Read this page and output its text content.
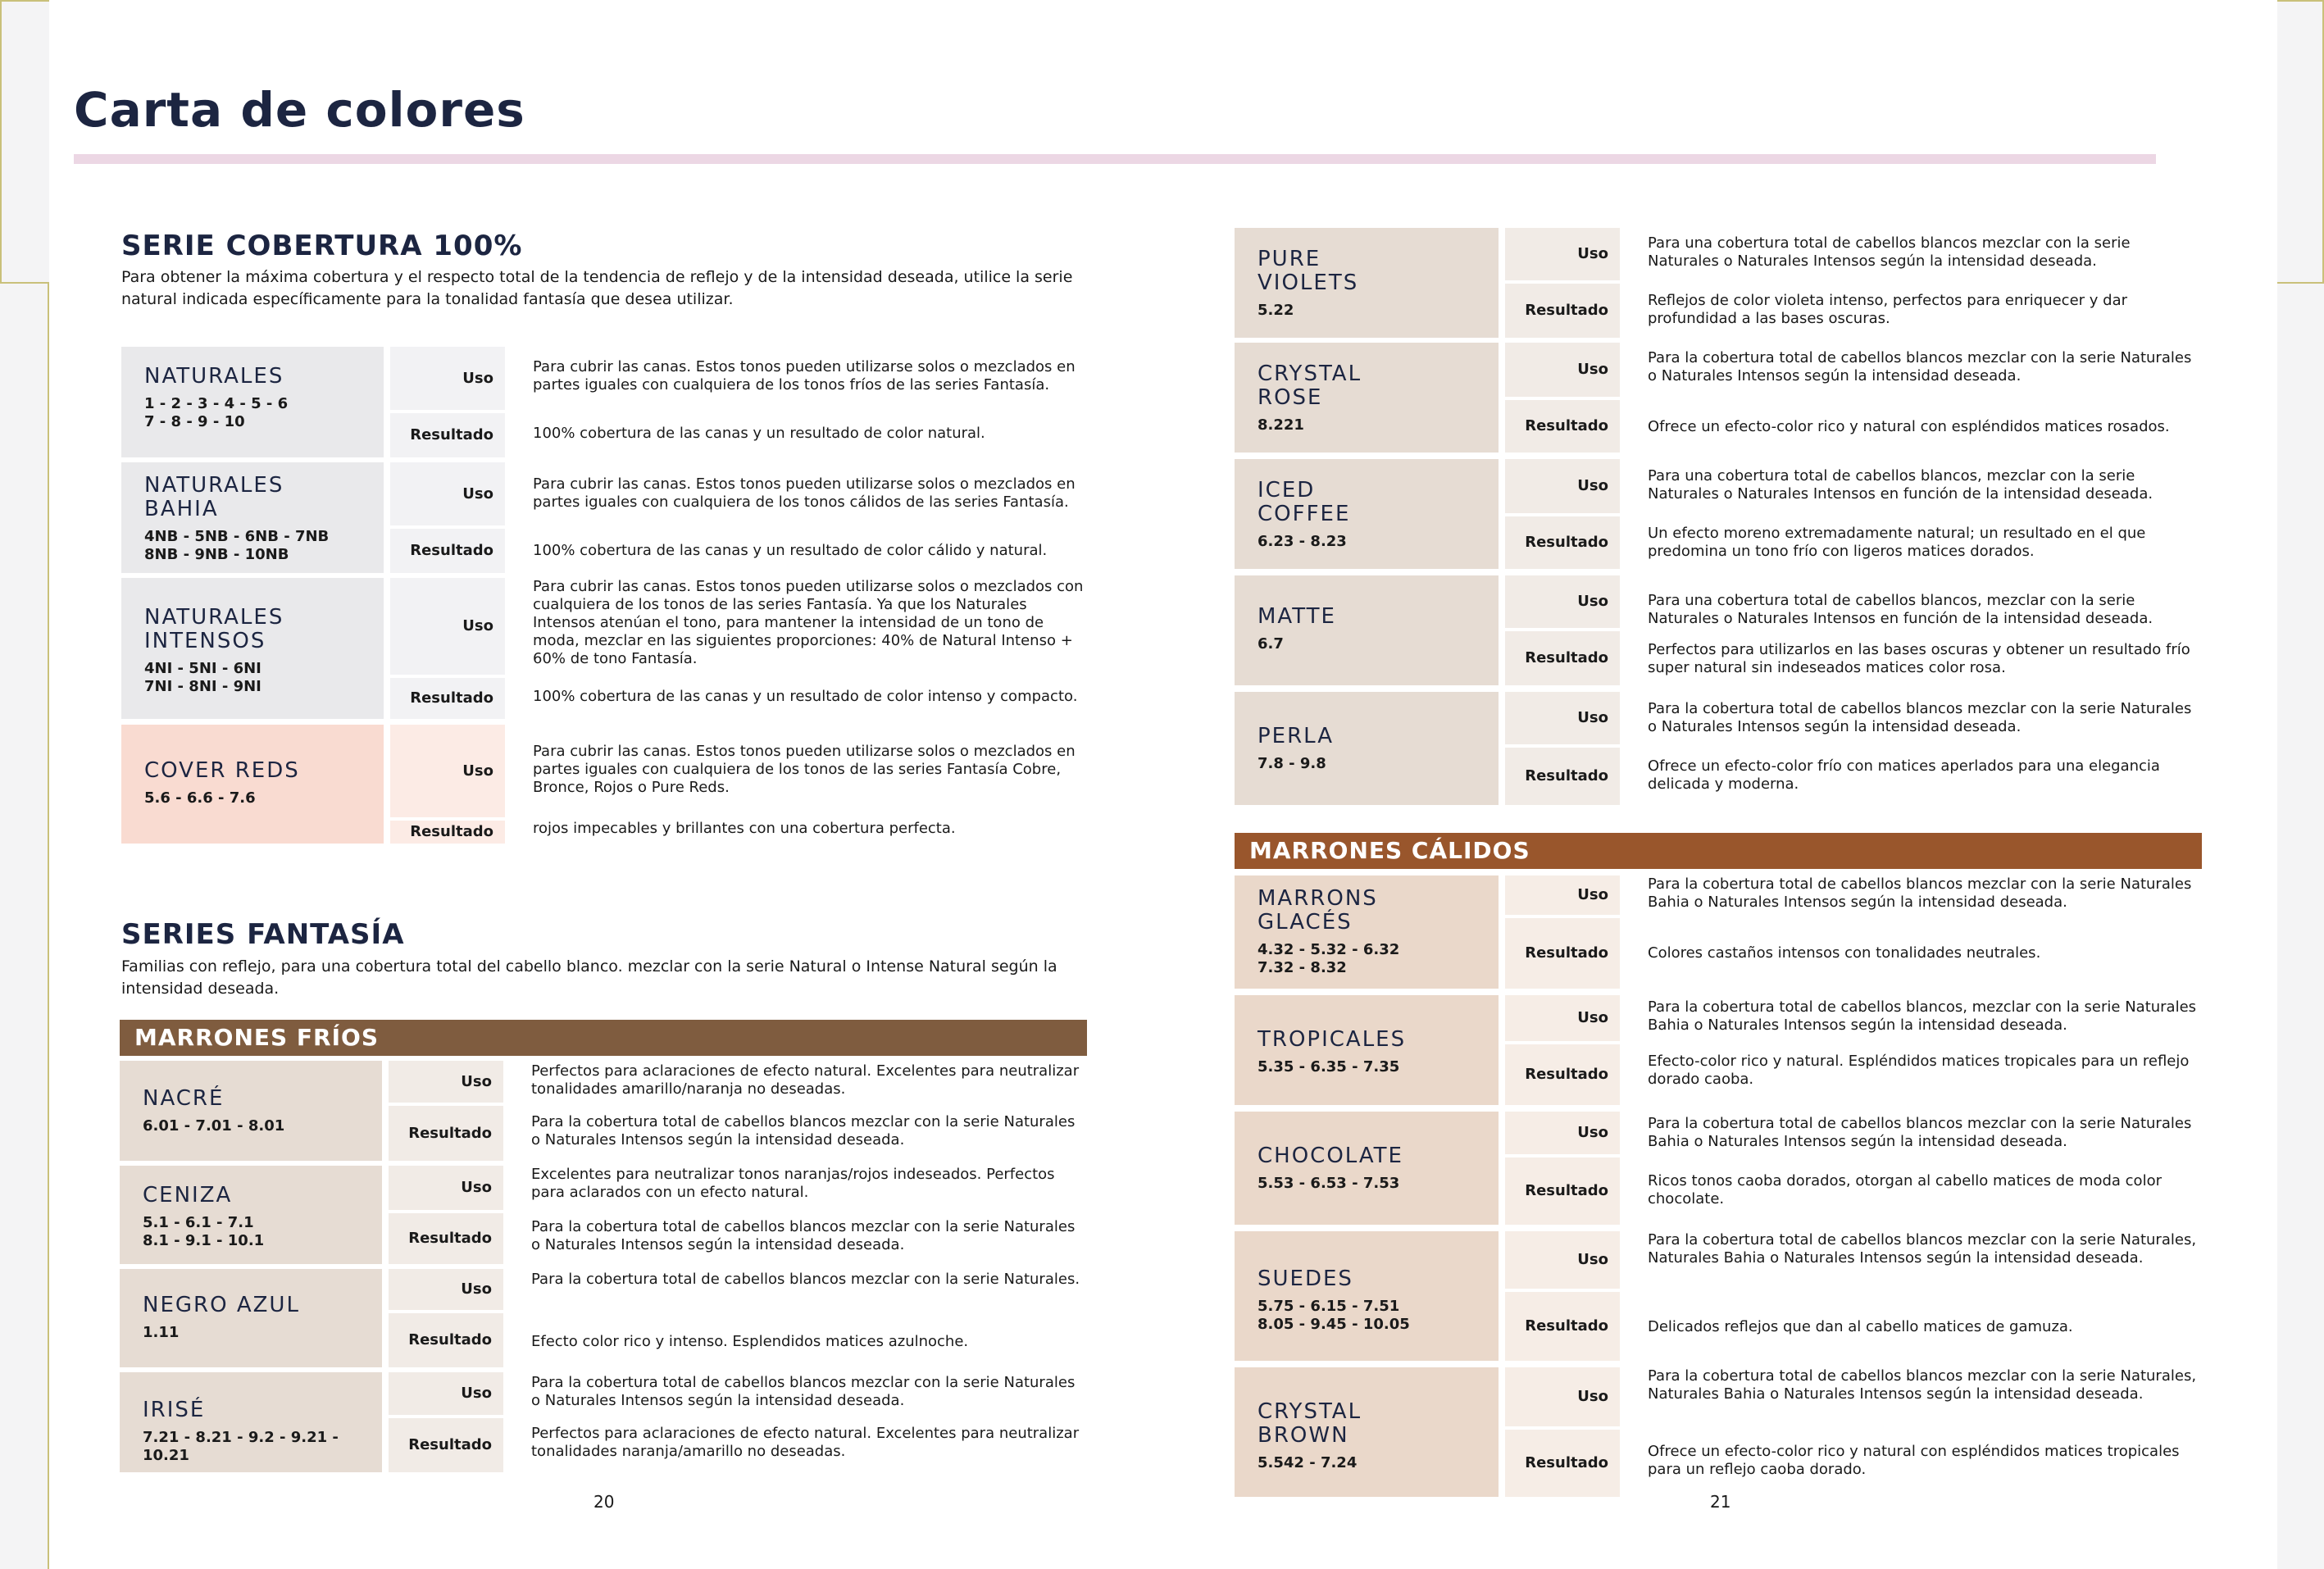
Carta de colores
SERIE COBERTURA 100%
Para obtener la máxima cobertura y el respecto total de la tendencia de reflejo y de la intensidad deseada, utilice la serie natural indicada específicamente para la tonalidad fantasía que desea utilizar.
NATURALES
1 - 2 - 3 - 4 - 5 - 6
7 - 8 - 9 - 10
Uso
Resultado
Para cubrir las canas. Estos tonos pueden utilizarse solos o mezclados en partes iguales con cualquiera de los tonos fríos de las series Fantasía.
100% cobertura de las canas y un resultado de color natural.
NATURALES
BAHIA
4NB - 5NB - 6NB - 7NB
8NB - 9NB - 10NB
Uso
Resultado
Para cubrir las canas. Estos tonos pueden utilizarse solos o mezclados en partes iguales con cualquiera de los tonos cálidos de las series Fantasía.
100% cobertura de las canas y un resultado de color cálido y natural.
NATURALES
INTENSOS
4NI - 5NI - 6NI
7NI - 8NI - 9NI
Uso
Resultado
Para cubrir las canas. Estos tonos pueden utilizarse solos o mezclados con cualquiera de los tonos de las series Fantasía. Ya que los Naturales Intensos atenúan el tono, para mantener la intensidad de un tono de moda, mezclar en las siguientes proporciones: 40% de Natural Intenso + 60% de tono Fantasía.
100% cobertura de las canas y un resultado de color intenso y compacto.
COVER REDS
5.6 - 6.6 - 7.6
Uso
Resultado
Para cubrir las canas. Estos tonos pueden utilizarse solos o mezclados en partes iguales con cualquiera de los tonos de las series Fantasía Cobre, Bronce, Rojos o Pure Reds.
rojos impecables y brillantes con una cobertura perfecta.
SERIES FANTASÍA
Familias con reflejo, para una cobertura total del cabello blanco. mezclar con la serie Natural o Intense Natural según la intensidad deseada.
MARRONES FRÍOS
NACRÉ
6.01 - 7.01 - 8.01
Uso
Resultado
Perfectos para aclaraciones de efecto natural. Excelentes para neutralizar tonalidades amarillo/naranja no deseadas.
Para la cobertura total de cabellos blancos mezclar con la serie Naturales o Naturales Intensos según la intensidad deseada.
CENIZA
5.1 - 6.1 - 7.1
8.1 - 9.1 - 10.1
Uso
Resultado
Excelentes para neutralizar tonos naranjas/rojos indeseados. Perfectos para aclarados con un efecto natural.
Para la cobertura total de cabellos blancos mezclar con la serie Naturales o Naturales Intensos según la intensidad deseada.
NEGRO AZUL
1.11
Uso
Resultado
Para la cobertura total de cabellos blancos mezclar con la serie Naturales.
Efecto color rico y intenso. Esplendidos matices azulnoche.
IRISÉ
7.21 - 8.21 - 9.2 - 9.21 - 10.21
Uso
Resultado
Para la cobertura total de cabellos blancos mezclar con la serie Naturales o Naturales Intensos según la intensidad deseada.
Perfectos para aclaraciones de efecto natural. Excelentes para neutralizar tonalidades naranja/amarillo no deseadas.
20
PURE
VIOLETS
5.22
Uso
Resultado
Para una cobertura total de cabellos blancos mezclar con la serie Naturales o Naturales Intensos según la intensidad deseada.
Reflejos de color violeta intenso, perfectos para enriquecer y dar profundidad a las bases oscuras.
CRYSTAL
ROSE
8.221
Uso
Resultado
Para la cobertura total de cabellos blancos mezclar con la serie Naturales o Naturales Intensos según la intensidad deseada.
Ofrece un efecto-color rico y natural con espléndidos matices rosados.
ICED
COFFEE
6.23 - 8.23
Uso
Resultado
Para una cobertura total de cabellos blancos, mezclar con la serie Naturales o Naturales Intensos en función de la intensidad deseada.
Un efecto moreno extremadamente natural; un resultado en el que predomina un tono frío con ligeros matices dorados.
MATTE
6.7
Uso
Resultado
Para una cobertura total de cabellos blancos, mezclar con la serie Naturales o Naturales Intensos en función de la intensidad deseada.
Perfectos para utilizarlos en las bases oscuras y obtener un resultado frío super natural sin indeseados matices color rosa.
PERLA
7.8 - 9.8
Uso
Resultado
Para la cobertura total de cabellos blancos mezclar con la serie Naturales o Naturales Intensos según la intensidad deseada.
Ofrece un efecto-color frío con matices aperlados para una elegancia delicada y moderna.
MARRONES CÁLIDOS
MARRONS
GLACÉS
4.32 - 5.32 - 6.32
7.32 - 8.32
Uso
Resultado
Para la cobertura total de cabellos blancos mezclar con la serie Naturales Bahia o Naturales Intensos según la intensidad deseada.
Colores castaños intensos con tonalidades neutrales.
TROPICALES
5.35 - 6.35 - 7.35
Uso
Resultado
Para la cobertura total de cabellos blancos, mezclar con la serie Naturales Bahia o Naturales Intensos según la intensidad deseada.
Efecto-color rico y natural. Espléndidos matices tropicales para un reflejo dorado caoba.
CHOCOLATE
5.53 - 6.53 - 7.53
Uso
Resultado
Para la cobertura total de cabellos blancos mezclar con la serie Naturales Bahia o Naturales Intensos según la intensidad deseada.
Ricos tonos caoba dorados, otorgan al cabello matices de moda color chocolate.
SUEDES
5.75 - 6.15 - 7.51
8.05 - 9.45 - 10.05
Uso
Resultado
Para la cobertura total de cabellos blancos mezclar con la serie Naturales, Naturales Bahia o Naturales Intensos según la intensidad deseada.
Delicados reflejos que dan al cabello matices de gamuza.
CRYSTAL
BROWN
5.542 - 7.24
Uso
Resultado
Para la cobertura total de cabellos blancos mezclar con la serie Naturales, Naturales Bahia o Naturales Intensos según la intensidad deseada.
Ofrece un efecto-color rico y natural con espléndidos matices tropicales para un reflejo caoba dorado.
21
